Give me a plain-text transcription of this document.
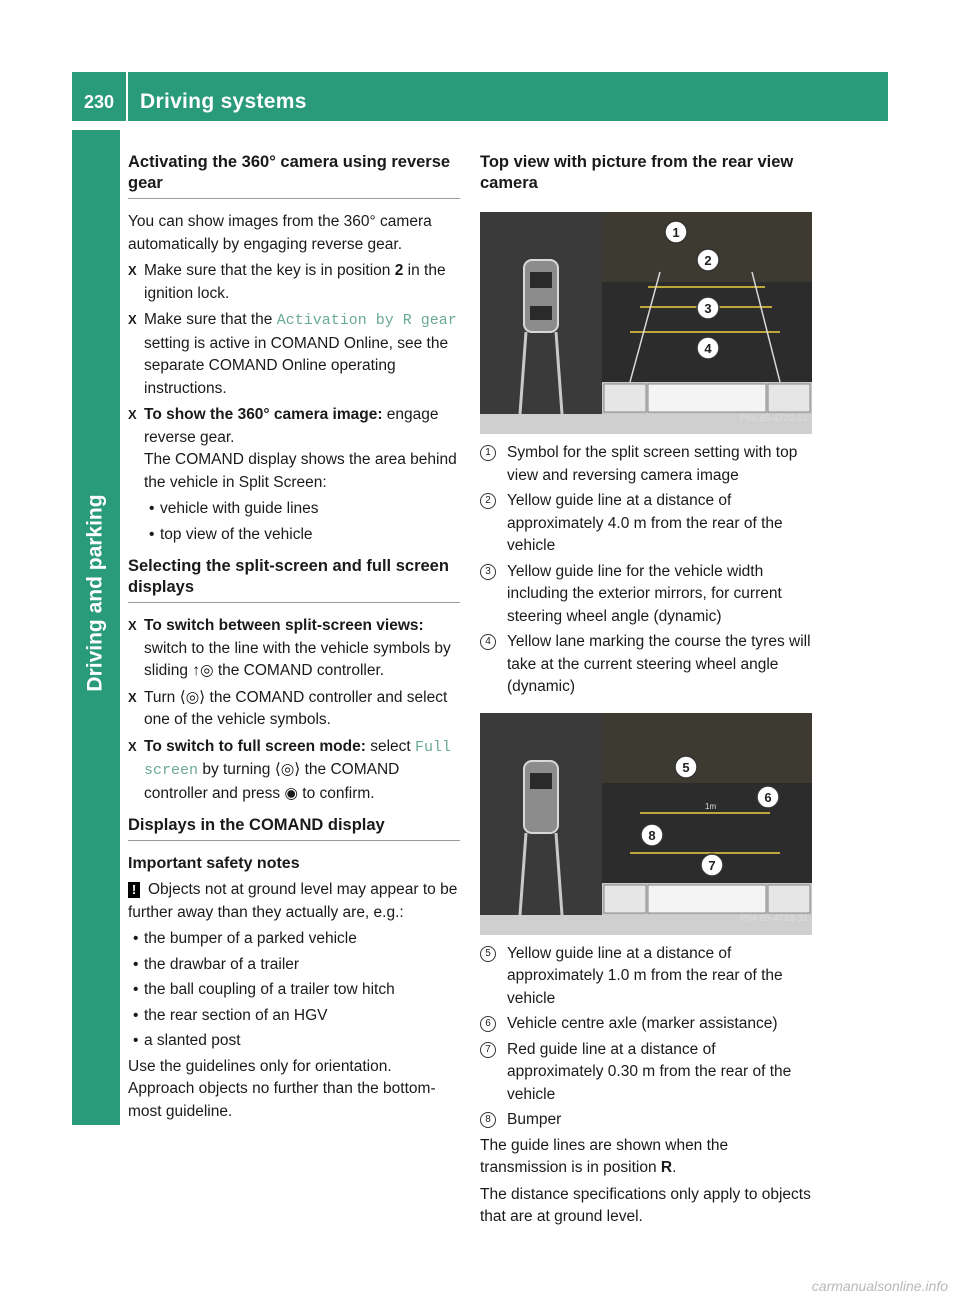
230 Driving systems
Driving and parking
Activating the 360° camera using reverse gear

You can show images from the 360° camera automatically by engaging reverse gear.

X Make sure that the key is in position 2 in the ignition lock.
X Make sure that the Activation by R gear setting is active in COMAND Online, see the separate COMAND Online operating instructions.
X To show the 360° camera image: engage reverse gear.
The COMAND display shows the area behind the vehicle in Split Screen:
• vehicle with guide lines
• top view of the vehicle
Selecting the split-screen and full screen displays
X To switch between split-screen views: switch to the line with the vehicle symbols by sliding ↑◎ the COMAND controller.
X Turn ⟨◎⟩ the COMAND controller and select one of the vehicle symbols.
X To switch to full screen mode: select Full screen by turning ⟨◎⟩ the COMAND controller and press ◉ to confirm.
Displays in the COMAND display
Important safety notes

! Objects not at ground level may appear to be further away than they actually are, e.g.:

• the bumper of a parked vehicle
• the drawbar of a trailer
• the ball coupling of a trailer tow hitch
• the rear section of an HGV
• a slanted post

Use the guidelines only for orientation. Approach objects no further than the bottom-most guideline.

Top view with picture from the rear view camera
1
2
3
4
P54.65-4722-31
1	Symbol for the split screen setting with top view and reversing camera image
2	Yellow guide line at a distance of approximately 4.0 m from the rear of the vehicle
3	Yellow guide line for the vehicle width including the exterior mirrors, for current steering wheel angle (dynamic)
4	Yellow lane marking the course the tyres will take at the current steering wheel angle (dynamic)
1m
5
6
7
8
P54.65-4723-31
5	Yellow guide line at a distance of approximately 1.0 m from the rear of the vehicle
6	Vehicle centre axle (marker assistance)
7	Red guide line at a distance of approximately 0.30 m from the rear of the vehicle
8	Bumper

The guide lines are shown when the transmission is in position R.

The distance specifications only apply to objects that are at ground level.

carmanualsonline.info
